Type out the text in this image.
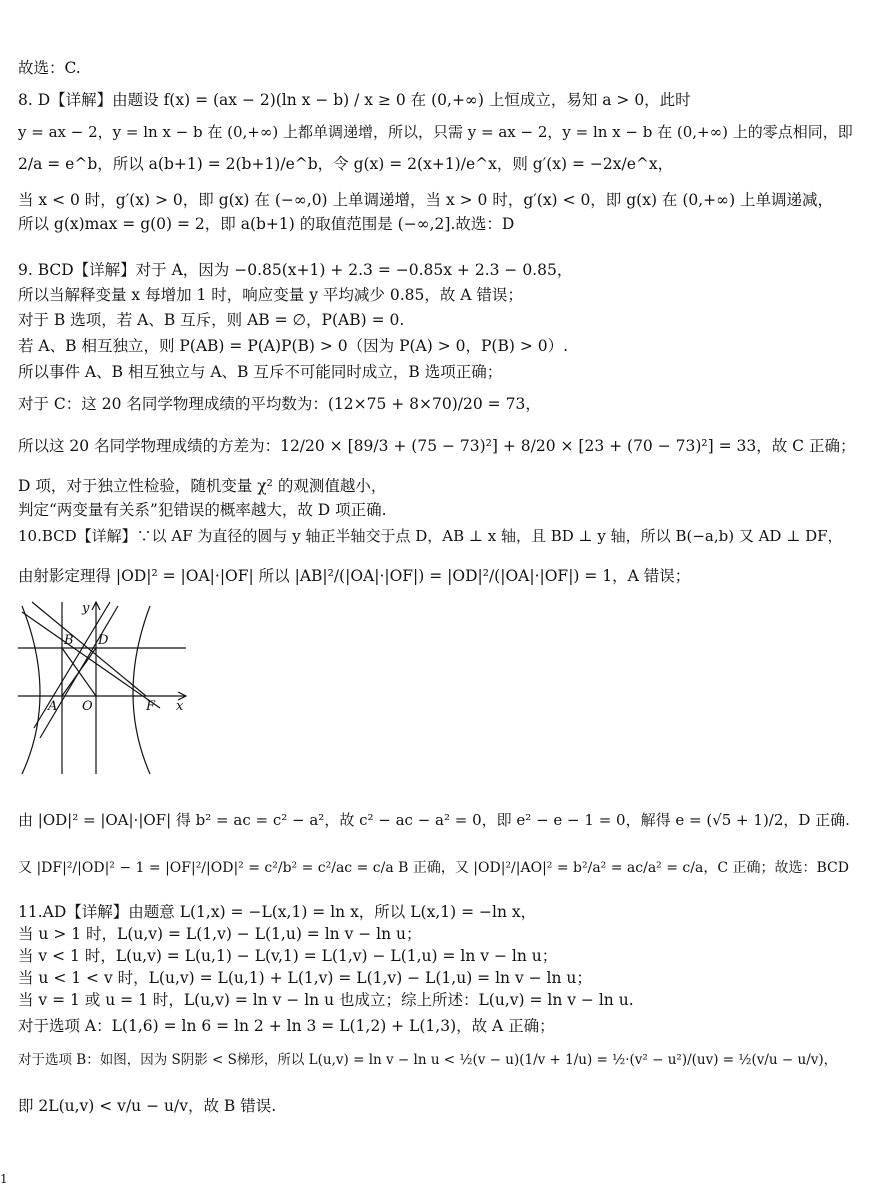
故选：C.
8. D【详解】由题设 f(x) = (ax − 2)(ln x − b) / x ≥ 0 在 (0,+∞) 上恒成立，易知 a > 0，此时
y = ax − 2，y = ln x − b 在 (0,+∞) 上都单调递增，所以，只需 y = ax − 2，y = ln x − b 在 (0,+∞) 上的零点相同，即
2/a = e^b，所以 a(b+1) = 2(b+1)/e^b，令 g(x) = 2(x+1)/e^x，则 g′(x) = −2x/e^x，
当 x < 0 时，g′(x) > 0，即 g(x) 在 (−∞,0) 上单调递增，当 x > 0 时，g′(x) < 0，即 g(x) 在 (0,+∞) 上单调递减，
所以 g(x)max = g(0) = 2，即 a(b+1) 的取值范围是 (−∞,2].故选：D
9. BCD【详解】对于 A，因为 −0.85(x+1) + 2.3 = −0.85x + 2.3 − 0.85，
所以当解释变量 x 每增加 1 时，响应变量 y 平均减少 0.85，故 A 错误；
对于 B 选项，若 A、B 互斥，则 AB = ∅，P(AB) = 0.
若 A、B 相互独立，则 P(AB) = P(A)P(B) > 0（因为 P(A) > 0，P(B) > 0）.
所以事件 A、B 相互独立与 A、B 互斥不可能同时成立，B 选项正确；
对于 C：这 20 名同学物理成绩的平均数为：(12×75 + 8×70)/20 = 73，
所以这 20 名同学物理成绩的方差为：12/20 × [89/3 + (75 − 73)²] + 8/20 × [23 + (70 − 73)²] = 33，故 C 正确；
D 项，对于独立性检验，随机变量 χ² 的观测值越小，
判定“两变量有关系”犯错误的概率越大，故 D 项正确.
10.BCD【详解】∵以 AF 为直径的圆与 y 轴正半轴交于点 D，AB ⊥ x 轴，且 BD ⊥ y 轴，所以 B(−a,b) 又 AD ⊥ DF，
由射影定理得 |OD|² = |OA|·|OF| 所以 |AB|²/(|OA|·|OF|) = |OD|²/(|OA|·|OF|) = 1，A 错误；
y
B D
A O	F x
由 |OD|² = |OA|·|OF| 得 b² = ac = c² − a²，故 c² − ac − a² = 0，即 e² − e − 1 = 0，解得 e = (√5 + 1)/2，D 正确.
又 |DF|²/|OD|² − 1 = |OF|²/|OD|² = c²/b² = c²/ac = c/a B 正确，又 |OD|²/|AO|² = b²/a² = ac/a² = c/a，C 正确；故选：BCD
11.AD【详解】由题意 L(1,x) = −L(x,1) = ln x，所以 L(x,1) = −ln x，
当 u > 1 时，L(u,v) = L(1,v) − L(1,u) = ln v − ln u；
当 v < 1 时，L(u,v) = L(u,1) − L(v,1) = L(1,v) − L(1,u) = ln v − ln u；
当 u < 1 < v 时，L(u,v) = L(u,1) + L(1,v) = L(1,v) − L(1,u) = ln v − ln u；
当 v = 1 或 u = 1 时，L(u,v) = ln v − ln u 也成立；综上所述：L(u,v) = ln v − ln u.
对于选项 A：L(1,6) = ln 6 = ln 2 + ln 3 = L(1,2) + L(1,3)，故 A 正确；
对于选项 B：如图，因为 S阴影 < S梯形，所以 L(u,v) = ln v − ln u < ½(v − u)(1/v + 1/u) = ½·(v² − u²)/(uv) = ½(v/u − u/v)，
即 2L(u,v) < v/u − u/v，故 B 错误.
1
